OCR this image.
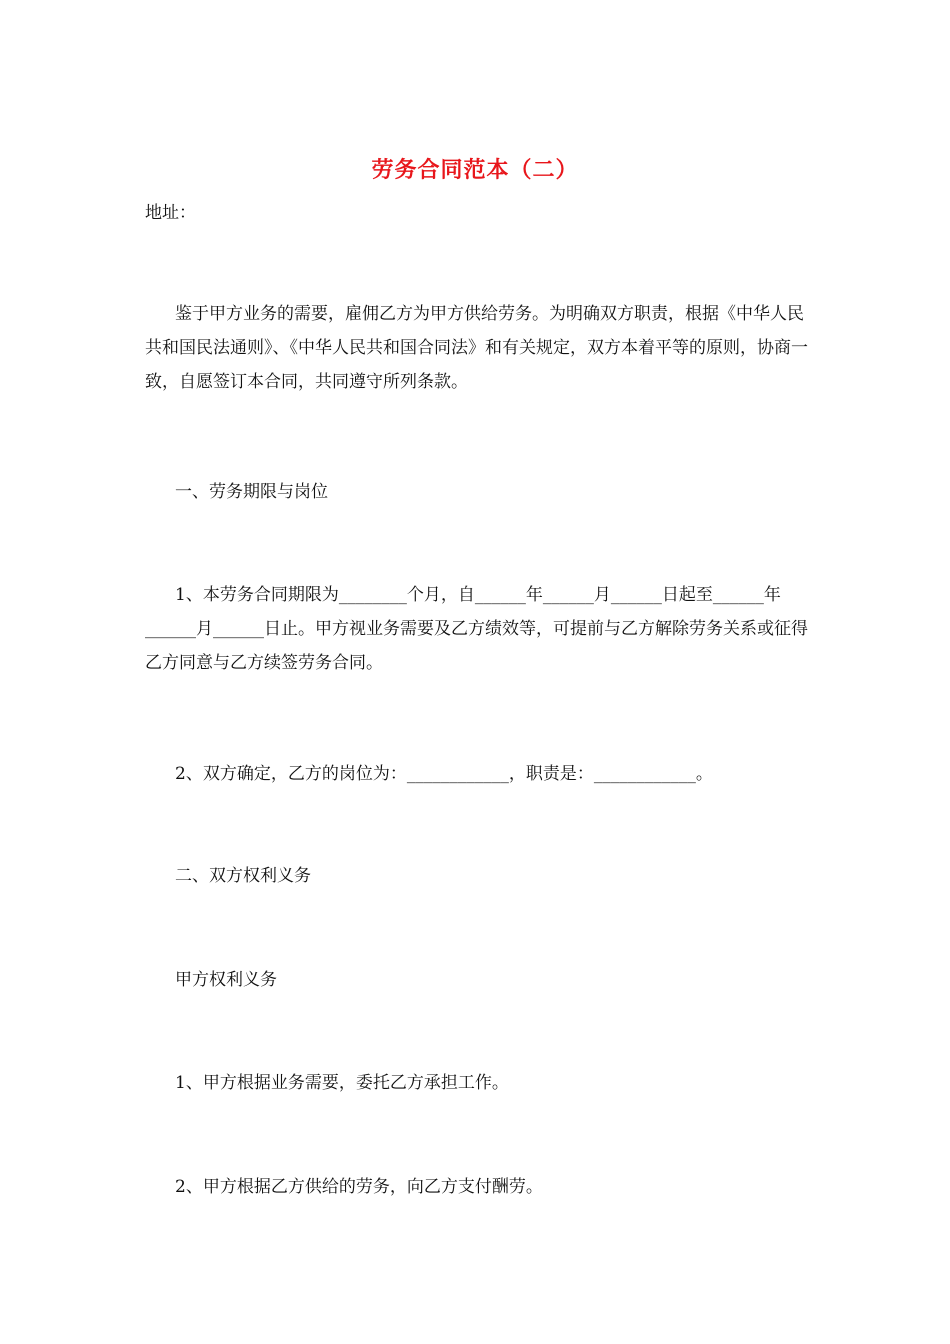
劳务合同范本（二）
地址：
鉴于甲方业务的需要，雇佣乙方为甲方供给劳务。为明确双方职责，根据《中华人民共和国民法通则》、《中华人民共和国合同法》和有关规定，双方本着平等的原则，协商一致，自愿签订本合同，共同遵守所列条款。
一、劳务期限与岗位
1、本劳务合同期限为________个月，自______年______月______日起至______年______月______日止。甲方视业务需要及乙方绩效等，可提前与乙方解除劳务关系或征得乙方同意与乙方续签劳务合同。
2、双方确定，乙方的岗位为：____________，职责是：____________。
二、双方权利义务
甲方权利义务
1、甲方根据业务需要，委托乙方承担工作。
2、甲方根据乙方供给的劳务，向乙方支付酬劳。
